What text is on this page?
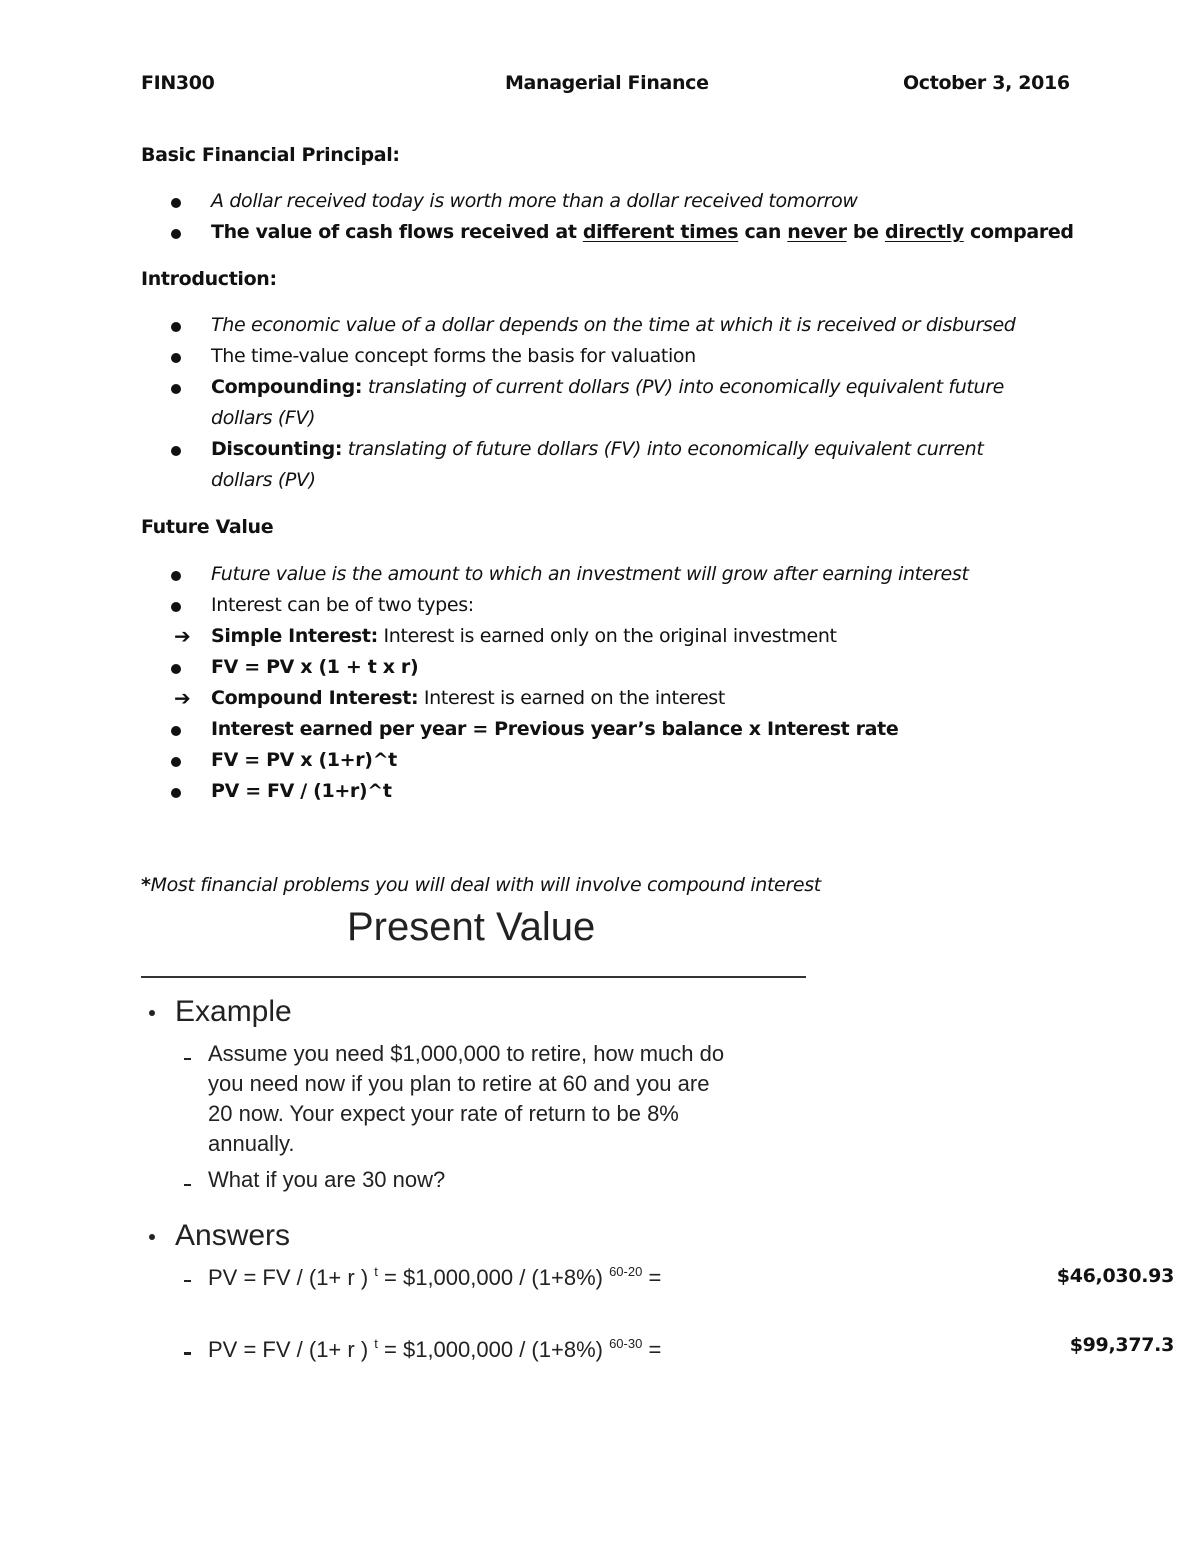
FIN300	Managerial Finance	October 3, 2016
Basic Financial Principal:
A dollar received today is worth more than a dollar received tomorrow
The value of cash flows received at different times can never be directly compared
Introduction:
The economic value of a dollar depends on the time at which it is received or disbursed
The time-value concept forms the basis for valuation
Compounding: translating of current dollars (PV) into economically equivalent future
dollars (FV)
Discounting: translating of future dollars (FV) into economically equivalent current
dollars (PV)
Future Value
Future value is the amount to which an investment will grow after earning interest
Interest can be of two types:
➔ Simple Interest: Interest is earned only on the original investment
FV = PV x (1 + t x r)
➔ Compound Interest: Interest is earned on the interest
Interest earned per year = Previous year’s balance x Interest rate
FV = PV x (1+r)^t
PV = FV / (1+r)^t
*Most financial problems you will deal with will involve compound interest
Present Value
Example
Assume you need $1,000,000 to retire, how much do
you need now if you plan to retire at 60 and you are
20 now. Your expect your rate of return to be 8%
annually.
What if you are 30 now?
Answers
PV = FV / (1+ r ) $^t$ = $1,000,000 / (1+8%) $^{60-20}$ =
PV = FV / (1+ r ) $^t$ = $1,000,000 / (1+8%) $^{60-30}$ =
$46,030.93
$99,377.3
